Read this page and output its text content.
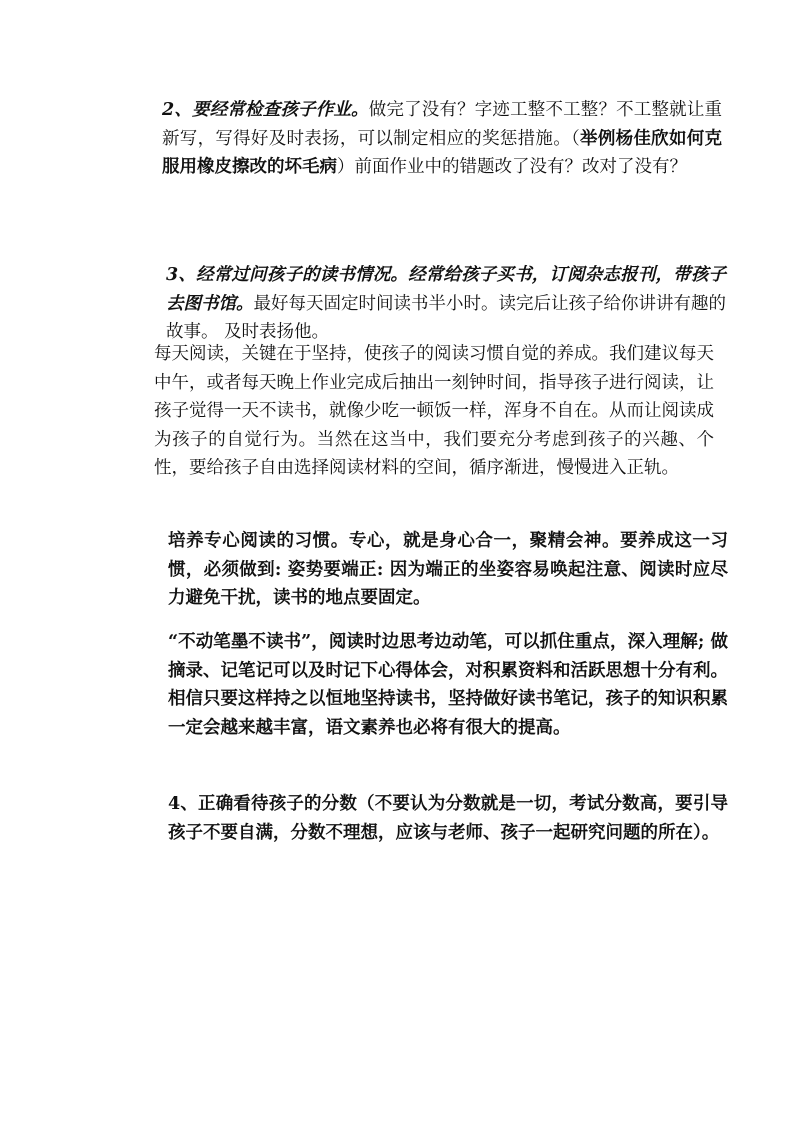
2、要经常检查孩子作业。做完了没有？字迹工整不工整？不工整就让重新写，写得好及时表扬，可以制定相应的奖惩措施。（举例杨佳欣如何克服用橡皮擦改的坏毛病）前面作业中的错题改了没有？改对了没有？

3、经常过问孩子的读书情况。经常给孩子买书，订阅杂志报刊，带孩子去图书馆。最好每天固定时间读书半小时。读完后让孩子给你讲讲有趣的故事。 及时表扬他。

每天阅读，关键在于坚持，使孩子的阅读习惯自觉的养成。我们建议每天中午，或者每天晚上作业完成后抽出一刻钟时间，指导孩子进行阅读，让孩子觉得一天不读书，就像少吃一顿饭一样，浑身不自在。从而让阅读成为孩子的自觉行为。当然在这当中，我们要充分考虑到孩子的兴趣、个性，要给孩子自由选择阅读材料的空间，循序渐进，慢慢进入正轨。

培养专心阅读的习惯。专心，就是身心合一，聚精会神。要养成这一习惯，必须做到: 姿势要端正: 因为端正的坐姿容易唤起注意、阅读时应尽力避免干扰，读书的地点要固定。

“不动笔墨不读书”，阅读时边思考边动笔，可以抓住重点，深入理解; 做摘录、记笔记可以及时记下心得体会，对积累资料和活跃思想十分有利。相信只要这样持之以恒地坚持读书，坚持做好读书笔记，孩子的知识积累一定会越来越丰富，语文素养也必将有很大的提高。

4、正确看待孩子的分数（不要认为分数就是一切，考试分数高，要引导孩子不要自满，分数不理想，应该与老师、孩子一起研究问题的所在）。
